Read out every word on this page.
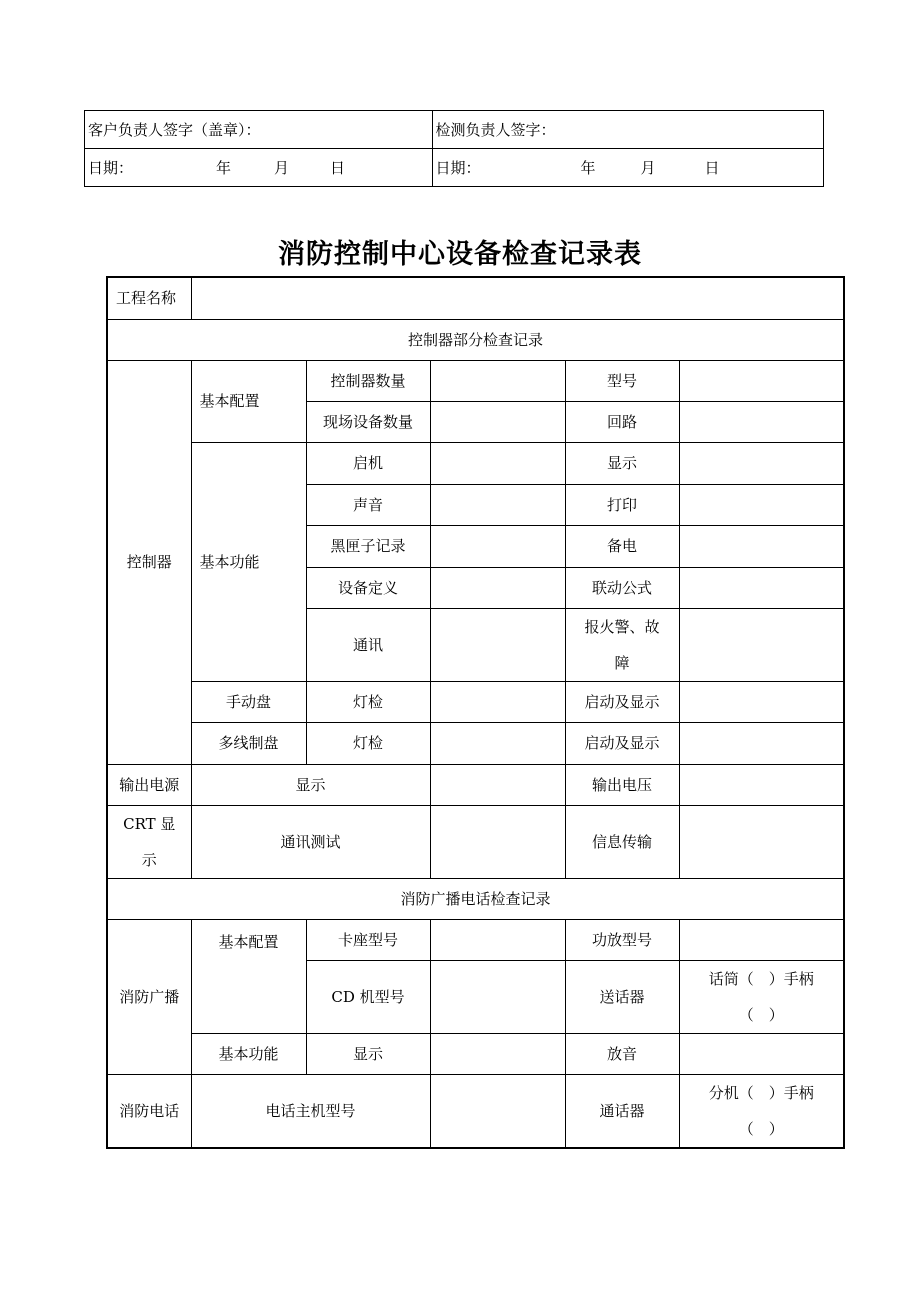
客户负责人签字（盖章）：	检测负责人签字：
日期： 年 月 日	日期： 年 月 日
消防控制中心设备检查记录表
工程名称					
控制器部分检查记录					
控制器	基本配置	控制器数量		型号	
		现场设备数量		回路	
	基本功能	启机		显示	
		声音		打印	
		黑匣子记录		备电	
		设备定义		联动公式	
		通讯		报火警、故障	
	手动盘	灯检		启动及显示	
	多线制盘	灯检		启动及显示	
输出电源	显示			输出电压	
CRT 显示	通讯测试			信息传输	
消防广播电话检查记录					
消防广播	基本配置	卡座型号		功放型号	
		CD 机型号		送话器	话筒（　）手柄（　）
	基本功能	显示		放音	
消防电话	电话主机型号			通话器	分机（　）手柄（　）
